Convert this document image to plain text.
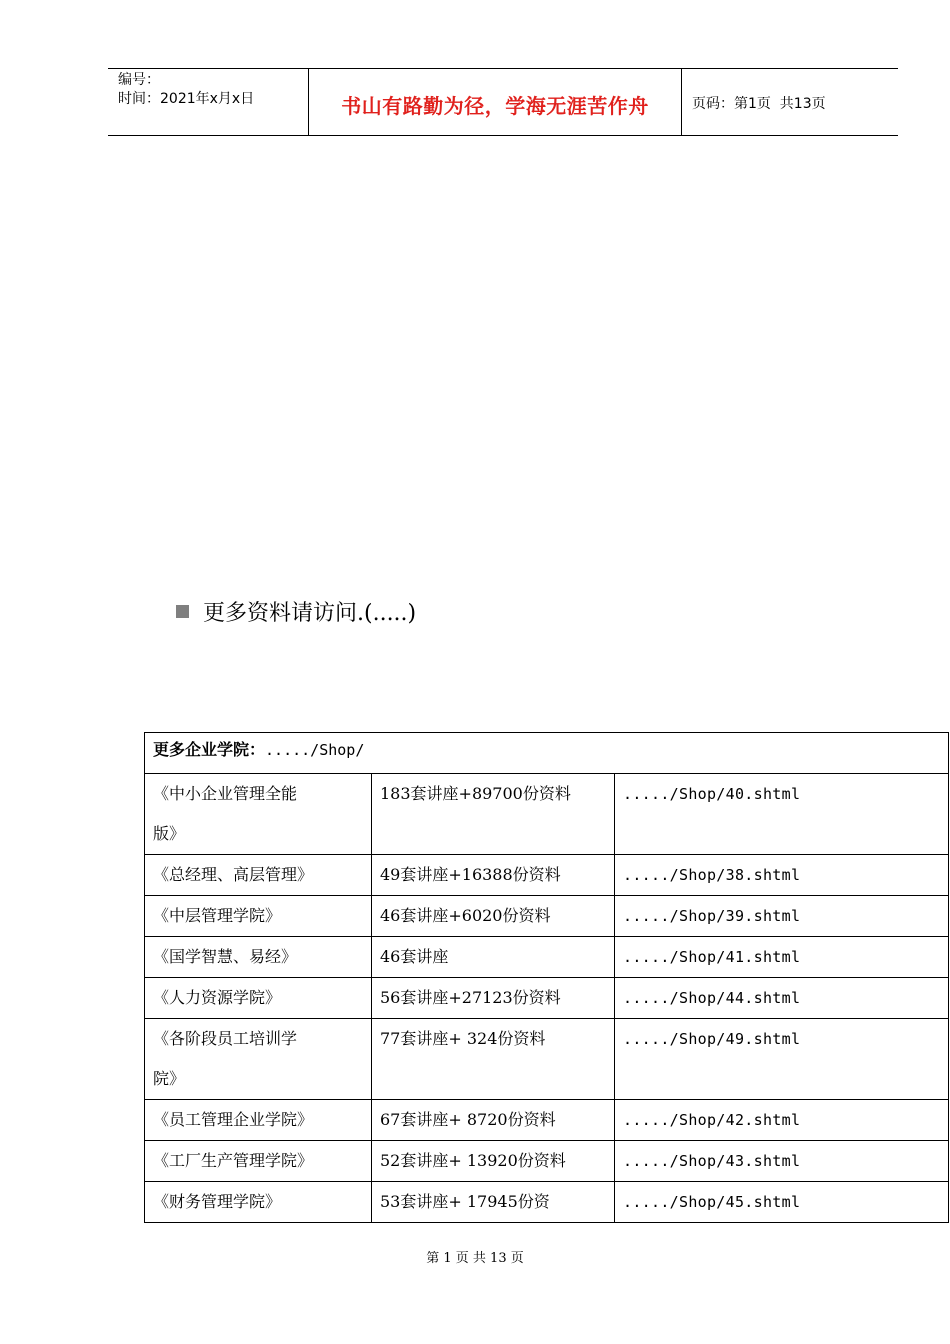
编号：
时间：2021年x月x日	书山有路勤为径，学海无涯苦作舟	页码：第1页  共13页
更多资料请访问.(.....)
更多企业学院：...../Shop/		

《中小企业管理全能
版》	183套讲座+89700份资料	...../Shop/40.shtml
《总经理、高层管理》	49套讲座+16388份资料	...../Shop/38.shtml
《中层管理学院》	46套讲座+6020份资料	...../Shop/39.shtml
《国学智慧、易经》	46套讲座	...../Shop/41.shtml
《人力资源学院》	56套讲座+27123份资料	...../Shop/44.shtml

《各阶段员工培训学
院》	77套讲座+ 324份资料	...../Shop/49.shtml
《员工管理企业学院》	67套讲座+ 8720份资料	...../Shop/42.shtml
《工厂生产管理学院》	52套讲座+ 13920份资料	...../Shop/43.shtml
《财务管理学院》	53套讲座+ 17945份资	...../Shop/45.shtml
第 1 页 共 13 页
